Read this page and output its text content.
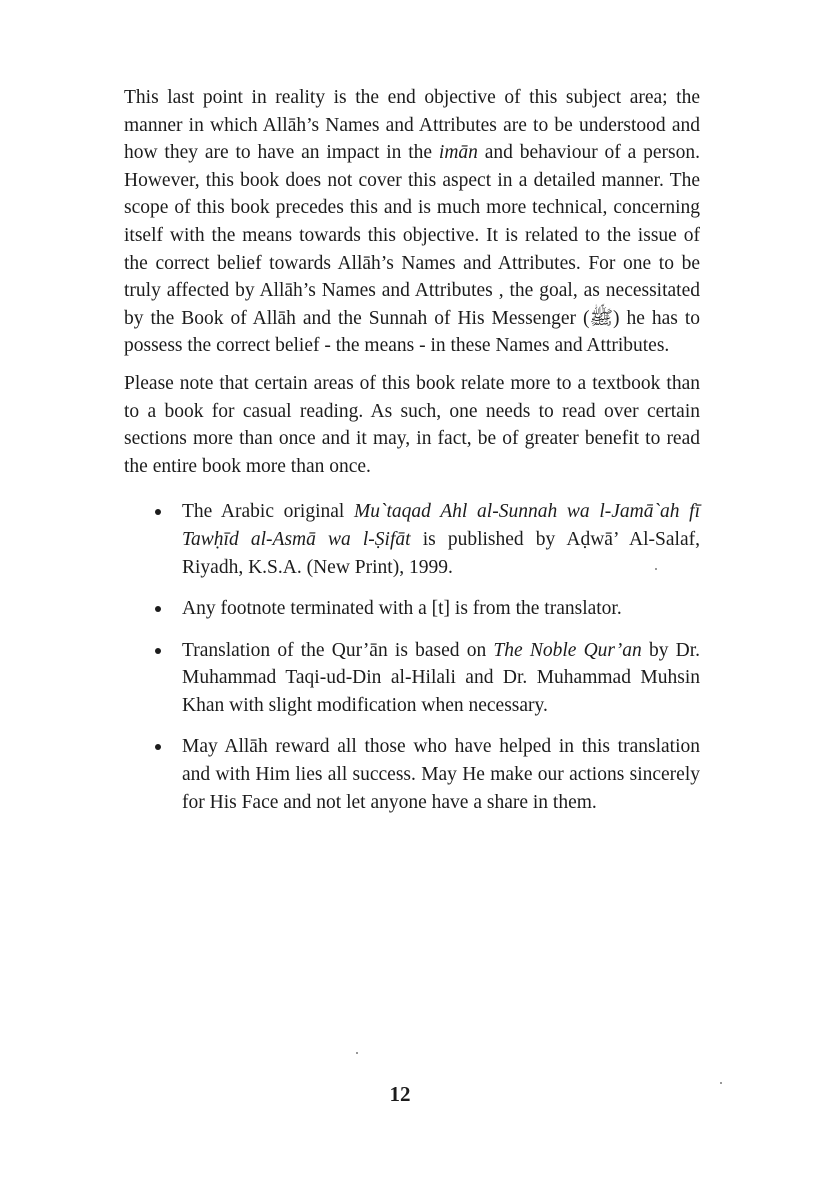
This last point in reality is the end objective of this subject area; the manner in which Allāh’s Names and Attributes are to be understood and how they are to have an impact in the imān and behaviour of a person. However, this book does not cover this aspect in a detailed manner. The scope of this book precedes this and is much more technical, concerning itself with the means towards this objective. It is related to the issue of the correct belief towards Allāh’s Names and Attributes. For one to be truly affected by Allāh’s Names and Attributes , the goal, as necessitated by the Book of Allāh and the Sunnah of His Messenger (ﷺ) he has to possess the correct belief - the means - in these Names and Attributes.

Please note that certain areas of this book relate more to a textbook than to a book for casual reading. As such, one needs to read over certain sections more than once and it may, in fact, be of greater benefit to read the entire book more than once.

The Arabic original Mu`taqad Ahl al-Sunnah wa l-Jamā`ah fī Tawḥīd al-Asmā wa l-Ṣifāt is published by Aḍwā’ Al-Salaf, Riyadh, K.S.A. (New Print), 1999.
Any footnote terminated with a [t] is from the translator.
Translation of the Qur’ān is based on The Noble Qur’an by Dr. Muhammad Taqi-ud-Din al-Hilali and Dr. Muhammad Muhsin Khan with slight modification when necessary.
May Allāh reward all those who have helped in this translation and with Him lies all success. May He make our actions sincerely for His Face and not let anyone have a share in them.
12
